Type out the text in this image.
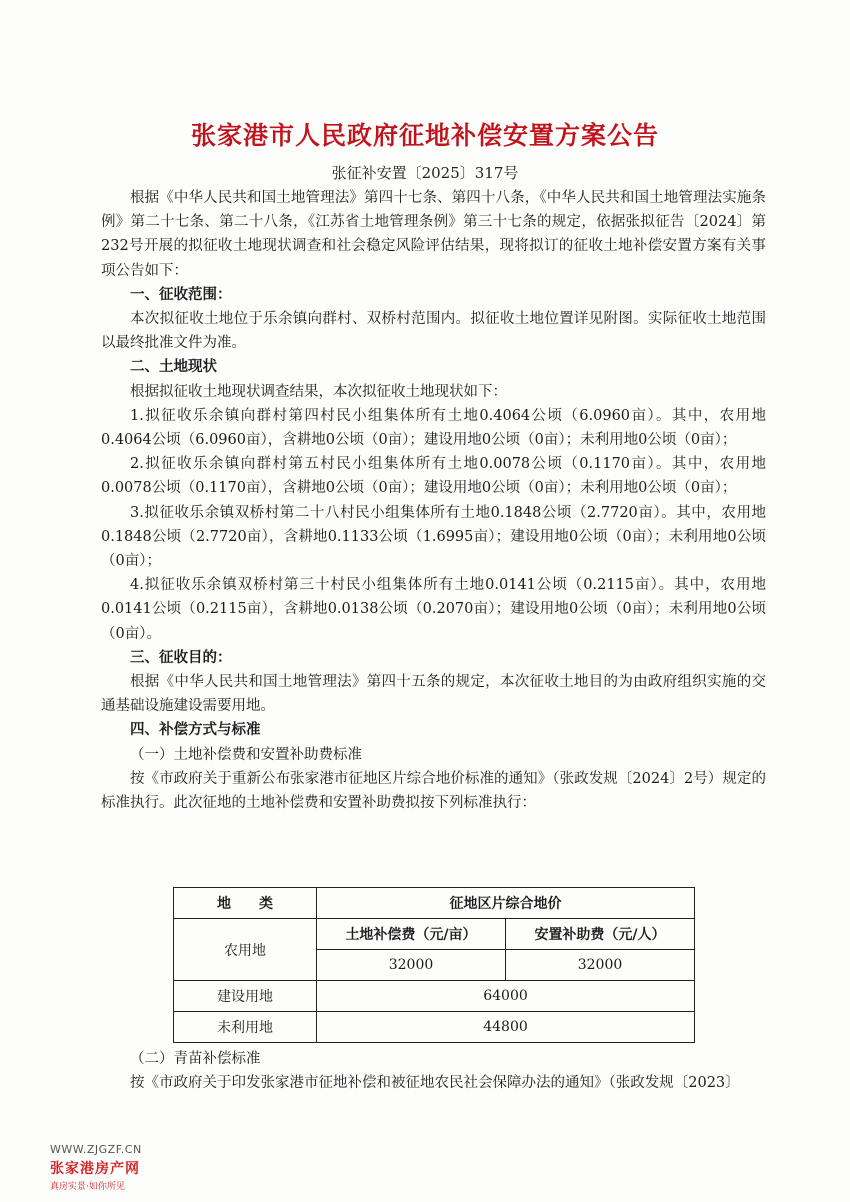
张家港市人民政府征地补偿安置方案公告
张征补安置〔2025〕317号

根据《中华人民共和国土地管理法》第四十七条、第四十八条，《中华人民共和国土地管理法实施条例》第二十七条、第二十八条，《江苏省土地管理条例》第三十七条的规定，依据张拟征告〔2024〕第232号开展的拟征收土地现状调查和社会稳定风险评估结果，现将拟订的征收土地补偿安置方案有关事项公告如下：

一、征收范围：

本次拟征收土地位于乐余镇向群村、双桥村范围内。拟征收土地位置详见附图。实际征收土地范围以最终批准文件为准。

二、土地现状

根据拟征收土地现状调查结果，本次拟征收土地现状如下：

1.拟征收乐余镇向群村第四村民小组集体所有土地0.4064公顷（6.0960亩）。其中，农用地0.4064公顷（6.0960亩），含耕地0公顷（0亩）；建设用地0公顷（0亩）；未利用地0公顷（0亩）；

2.拟征收乐余镇向群村第五村民小组集体所有土地0.0078公顷（0.1170亩）。其中，农用地0.0078公顷（0.1170亩），含耕地0公顷（0亩）；建设用地0公顷（0亩）；未利用地0公顷（0亩）；

3.拟征收乐余镇双桥村第二十八村民小组集体所有土地0.1848公顷（2.7720亩）。其中，农用地0.1848公顷（2.7720亩），含耕地0.1133公顷（1.6995亩）；建设用地0公顷（0亩）；未利用地0公顷（0亩）；

4.拟征收乐余镇双桥村第三十村民小组集体所有土地0.0141公顷（0.2115亩）。其中，农用地0.0141公顷（0.2115亩），含耕地0.0138公顷（0.2070亩）；建设用地0公顷（0亩）；未利用地0公顷（0亩）。

三、征收目的：

根据《中华人民共和国土地管理法》第四十五条的规定，本次征收土地目的为由政府组织实施的交通基础设施建设需要用地。

四、补偿方式与标准

（一）土地补偿费和安置补助费标准

按《市政府关于重新公布张家港市征地区片综合地价标准的通知》（张政发规〔2024〕2号）规定的标准执行。此次征地的土地补偿费和安置补助费拟按下列标准执行：

地　　类	征地区片综合地价	
农用地	土地补偿费（元/亩）	安置补助费（元/人）
	32000	32000
建设用地	64000	
未利用地	44800	

（二）青苗补偿标准

按《市政府关于印发张家港市征地补偿和被征地农民社会保障办法的通知》（张政发规〔2023〕

WWW.ZJGZF.CN
张家港房产网
真房实景·如你所见
